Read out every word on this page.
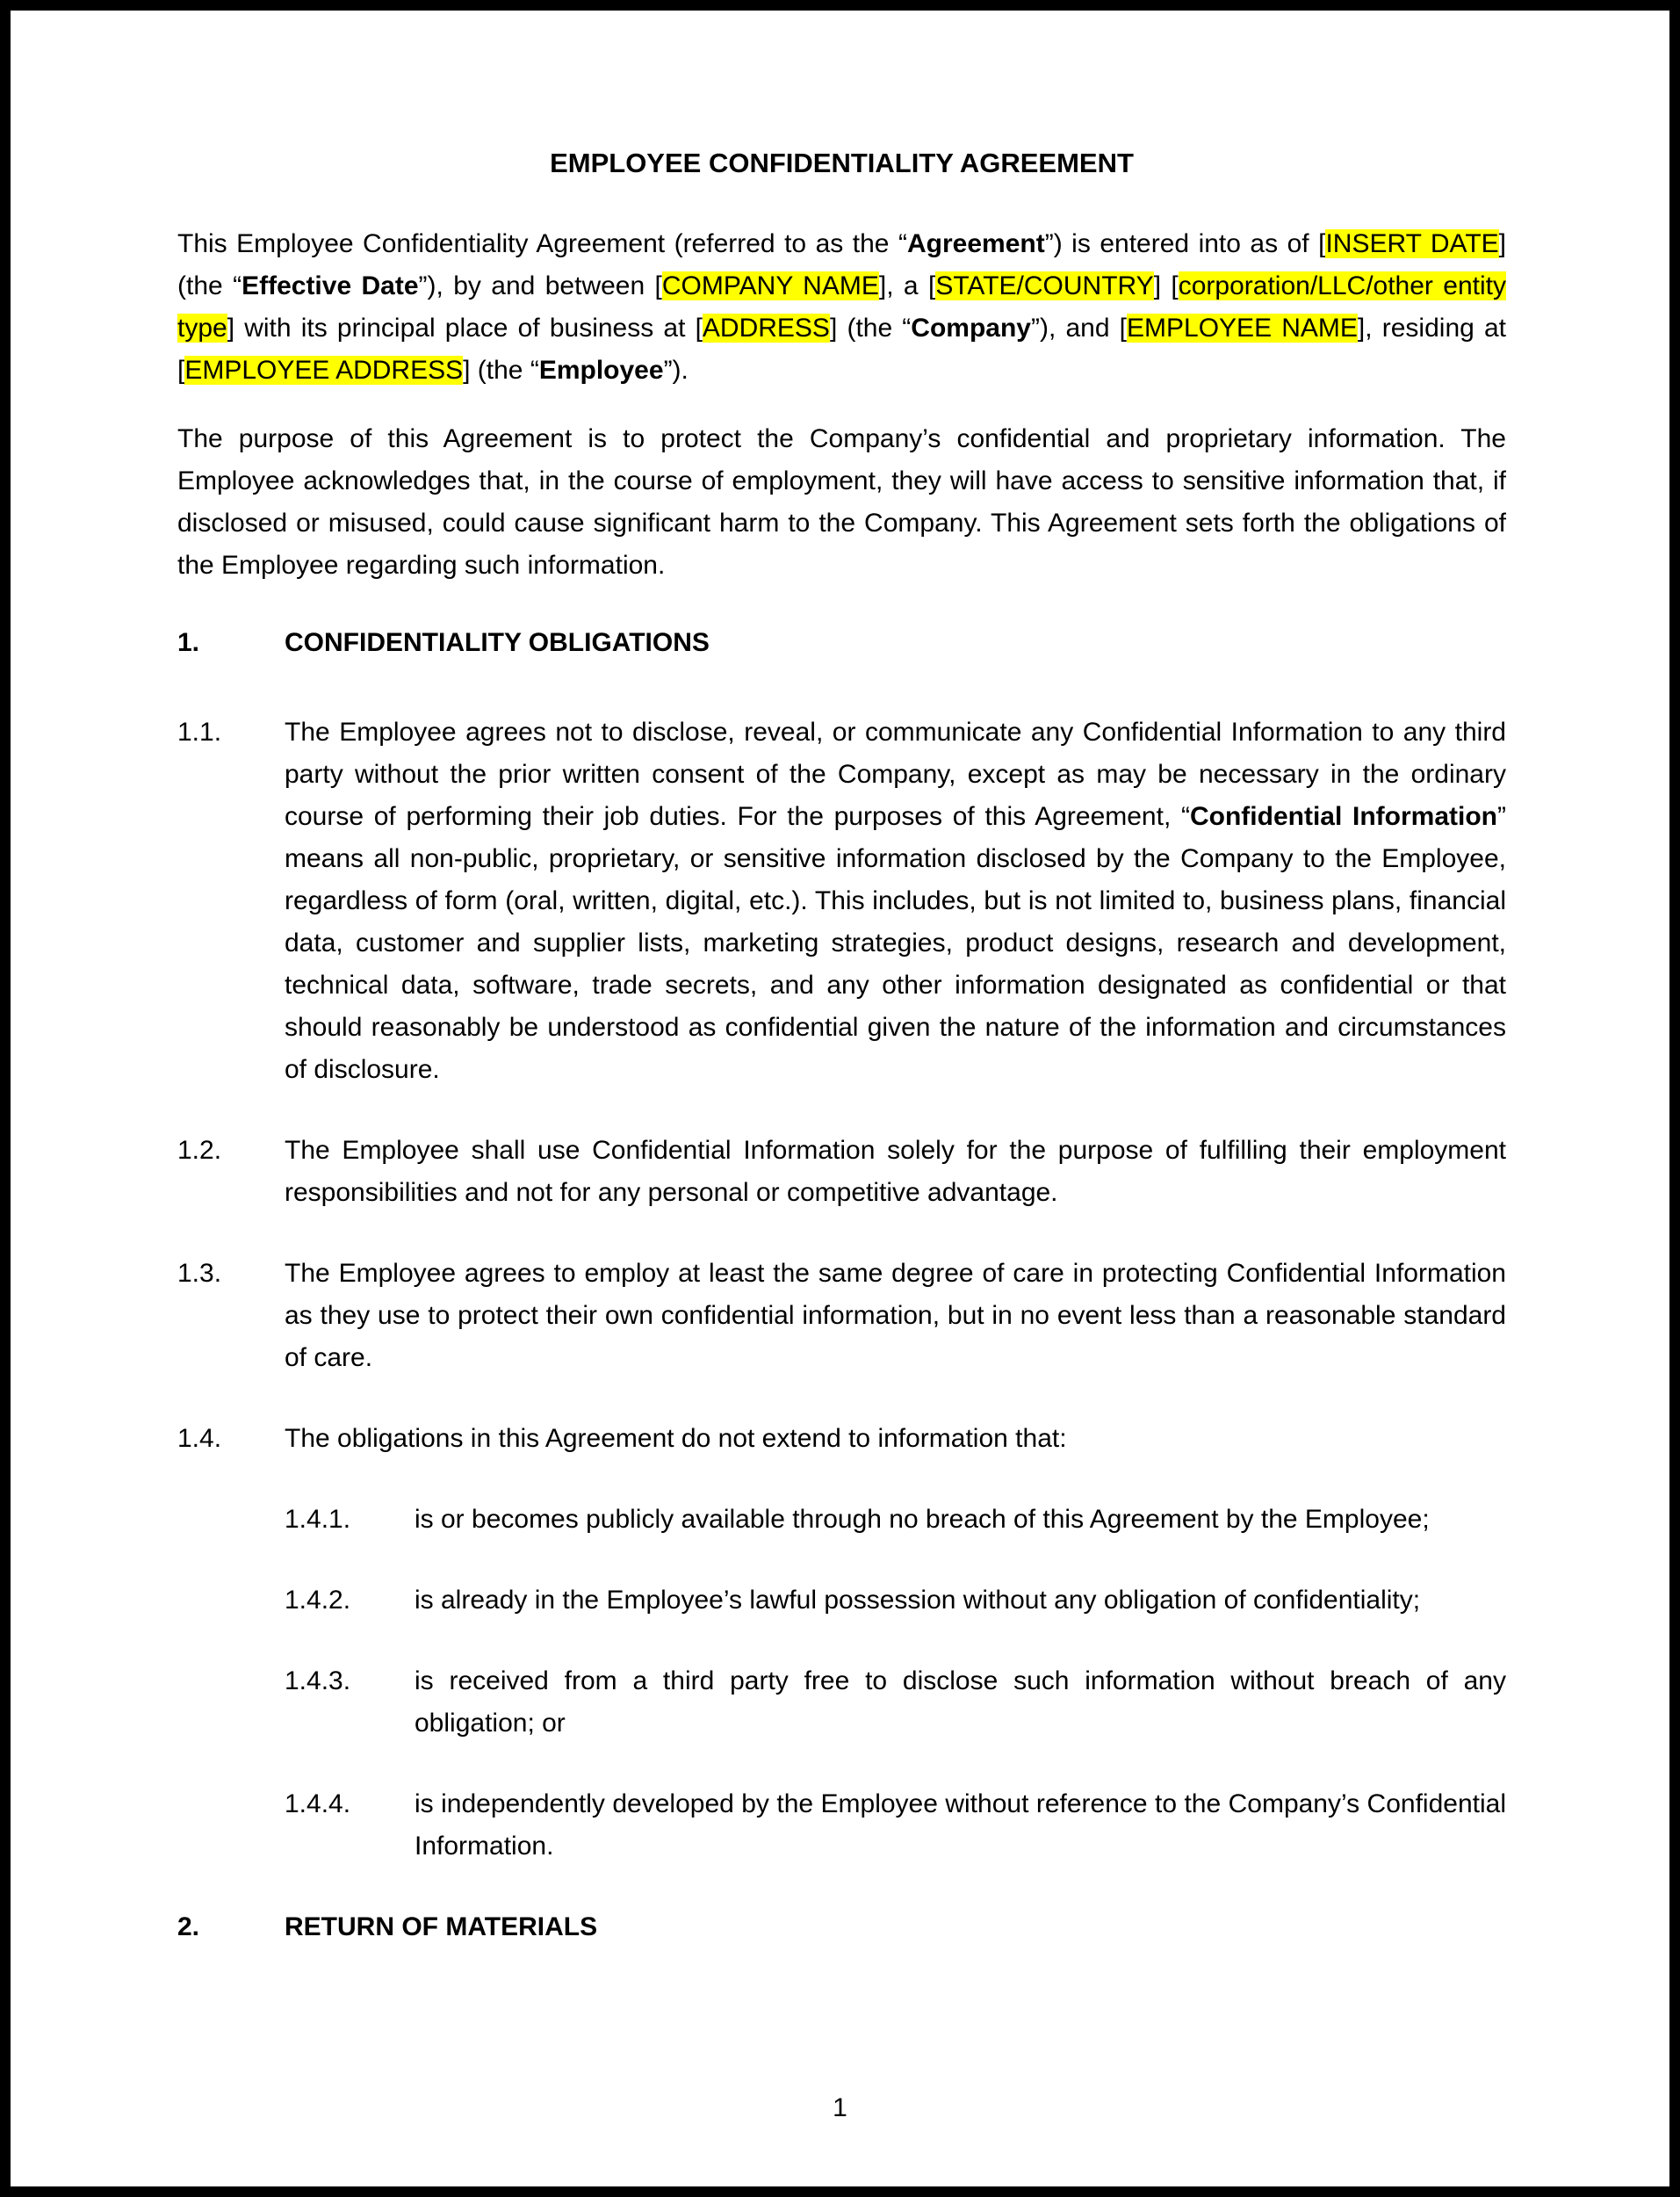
EMPLOYEE CONFIDENTIALITY AGREEMENT

This Employee Confidentiality Agreement (referred to as the “Agreement”) is entered into as of [INSERT DATE] (the “Effective Date”), by and between [COMPANY NAME], a [STATE/COUNTRY] [corporation/LLC/other entity type] with its principal place of business at [ADDRESS] (the “Company”), and [EMPLOYEE NAME], residing at [EMPLOYEE ADDRESS] (the “Employee”).

The purpose of this Agreement is to protect the Company’s confidential and proprietary information. The Employee acknowledges that, in the course of employment, they will have access to sensitive information that, if disclosed or misused, could cause significant harm to the Company. This Agreement sets forth the obligations of the Employee regarding such information.

1.	CONFIDENTIALITY OBLIGATIONS
1.1.	The Employee agrees not to disclose, reveal, or communicate any Confidential Information to any third party without the prior written consent of the Company, except as may be necessary in the ordinary course of performing their job duties. For the purposes of this Agreement, “Confidential Information” means all non-public, proprietary, or sensitive information disclosed by the Company to the Employee, regardless of form (oral, written, digital, etc.). This includes, but is not limited to, business plans, financial data, customer and supplier lists, marketing strategies, product designs, research and development, technical data, software, trade secrets, and any other information designated as confidential or that should reasonably be understood as confidential given the nature of the information and circumstances of disclosure.
1.2.	The Employee shall use Confidential Information solely for the purpose of fulfilling their employment responsibilities and not for any personal or competitive advantage.
1.3.	The Employee agrees to employ at least the same degree of care in protecting Confidential Information as they use to protect their own confidential information, but in no event less than a reasonable standard of care.
1.4.	The obligations in this Agreement do not extend to information that:
1.4.1.	is or becomes publicly available through no breach of this Agreement by the Employee;
1.4.2.	is already in the Employee’s lawful possession without any obligation of confidentiality;
1.4.3.	is received from a third party free to disclose such information without breach of any obligation; or
1.4.4.	is independently developed by the Employee without reference to the Company’s Confidential Information.
2.	RETURN OF MATERIALS
1
